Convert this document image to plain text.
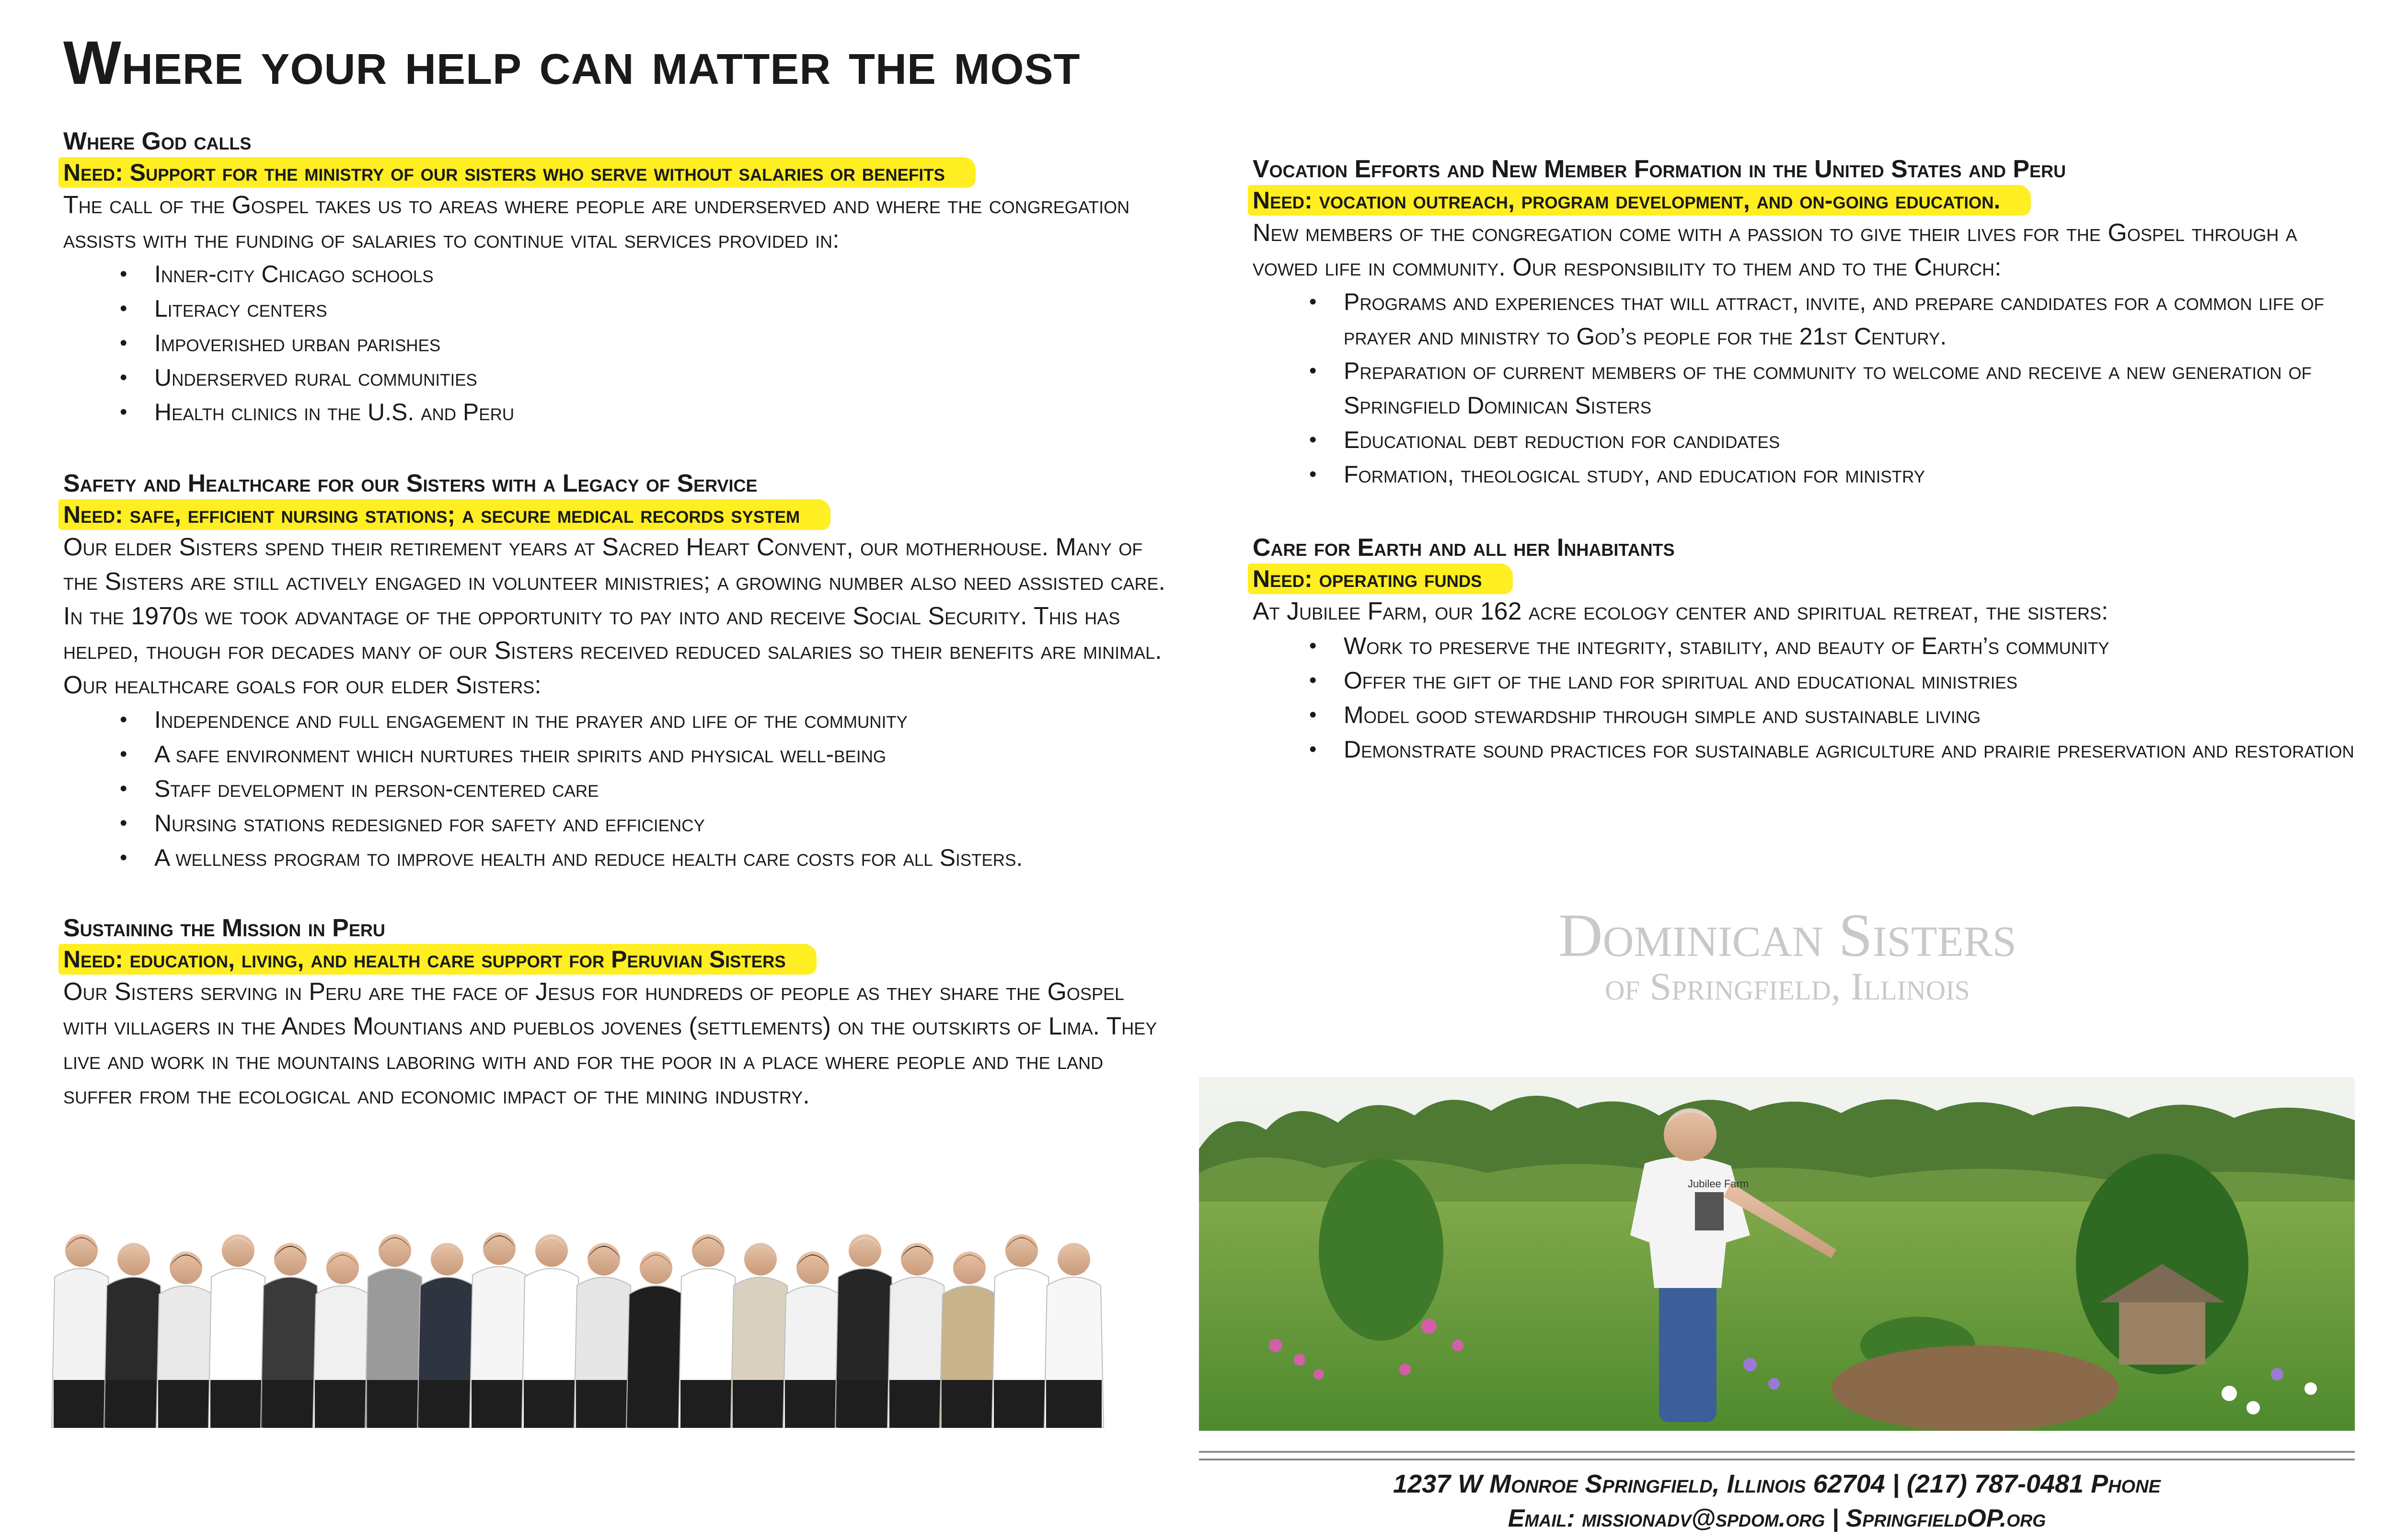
Where your help can matter the most
Where God calls
Need: Support for the ministry of our sisters who serve without salaries or benefits
The call of the Gospel takes us to areas where people are underserved and where the congregation assists with the funding of salaries to continue vital services provided in:
• Inner-city Chicago schools
• Literacy centers
• Impoverished urban parishes
• Underserved rural communities
• Health clinics in the U.S. and Peru
Safety and Healthcare for our Sisters with a Legacy of Service
Need: safe, efficient nursing stations; a secure medical records system
Our elder Sisters spend their retirement years at Sacred Heart Convent, our motherhouse. Many of the Sisters are still actively engaged in volunteer ministries; a growing number also need assisted care. In the 1970s we took advantage of the opportunity to pay into and receive Social Security. This has helped, though for decades many of our Sisters received reduced salaries so their benefits are minimal. Our healthcare goals for our elder Sisters:
• Independence and full engagement in the prayer and life of the community
• A safe environment which nurtures their spirits and physical well-being
• Staff development in person-centered care
• Nursing stations redesigned for safety and efficiency
• A wellness program to improve health and reduce health care costs for all Sisters.
Sustaining the Mission in Peru
Need: education, living, and health care support for Peruvian Sisters
Our Sisters serving in Peru are the face of Jesus for hundreds of people as they share the Gospel with villagers in the Andes Mountians and pueblos jovenes (settlements) on the outskirts of Lima. They live and work in the mountains laboring with and for the poor in a place where people and the land suffer from the ecological and economic impact of the mining industry.
Vocation Efforts and New Member Formation in the United States and Peru
Need: vocation outreach, program development, and on-going education.
New members of the congregation come with a passion to give their lives for the Gospel through a vowed life in community. Our responsibility to them and to the Church:
• Programs and experiences that will attract, invite, and prepare candidates for a common life of prayer and ministry to God’s people for the 21st Century.
• Preparation of current members of the community to welcome and receive a new generation of Springfield Dominican Sisters
• Educational debt reduction for candidates
• Formation, theological study, and education for ministry
Care for Earth and all her Inhabitants
Need: operating funds
At Jubilee Farm, our 162 acre ecology center and spiritual retreat, the sisters:
• Work to preserve the integrity, stability, and beauty of Earth’s community
• Offer the gift of the land for spiritual and educational ministries
• Model good stewardship through simple and sustainable living
• Demonstrate sound practices for sustainable agriculture and prairie preservation and restoration
Dominican Sisters
of Springfield, Illinois
Jubilee Farm
1237 W Monroe Springfield, Illinois 62704 | (217) 787-0481 Phone
Email: missionadv@spdom.org | SpringfieldOP.org
